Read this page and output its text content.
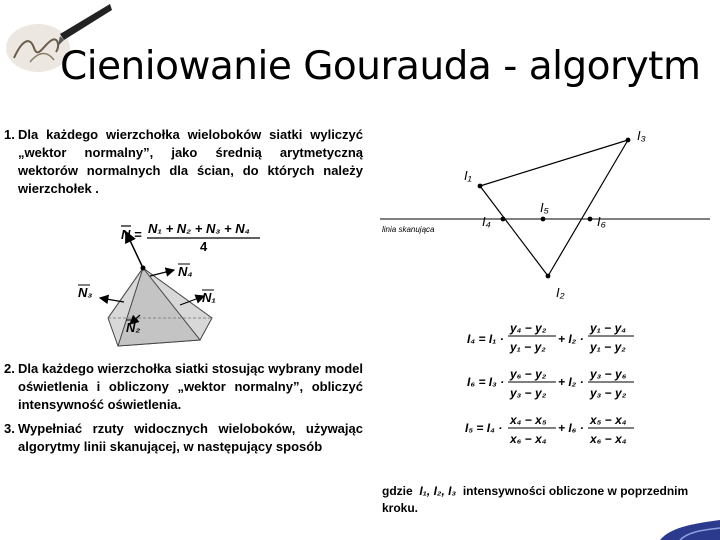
Cieniowanie Gourauda - algorytm
1. Dla każdego wierzchołka wieloboków siatki wyliczyć „wektor normalny”, jako średnią arytmetyczną wektorów normalnych dla ścian, do których należy wierzchołek .
2. Dla każdego wierzchołka siatki stosując wybrany model oświetlenia i obliczony „wektor normalny”, obliczyć intensywność oświetlenia.
3. Wypełniać rzuty widocznych wieloboków, używając algorytmy linii skanującej, w następujący sposób
N = N₁ + N₂ + N₃ + N₄
4
N₄
N₁
N₃
N₂
linia skanująca
I₁
I₃
I₂
I₄
I₅
I₆
I₄ = I₁ ·
y₄ − y₂
y₁ − y₂
+ I₂ ·
y₁ − y₄
y₁ − y₂
I₆ = I₃ ·
y₆ − y₂
y₃ − y₂
+ I₂ ·
y₃ − y₆
y₃ − y₂
I₅ = I₄ ·
x₄ − x₅
x₆ − x₄
+ I₆ ·
x₅ − x₄
x₆ − x₄
gdzie I₁, I₂, I₃ intensywności obliczone w poprzednim kroku.
